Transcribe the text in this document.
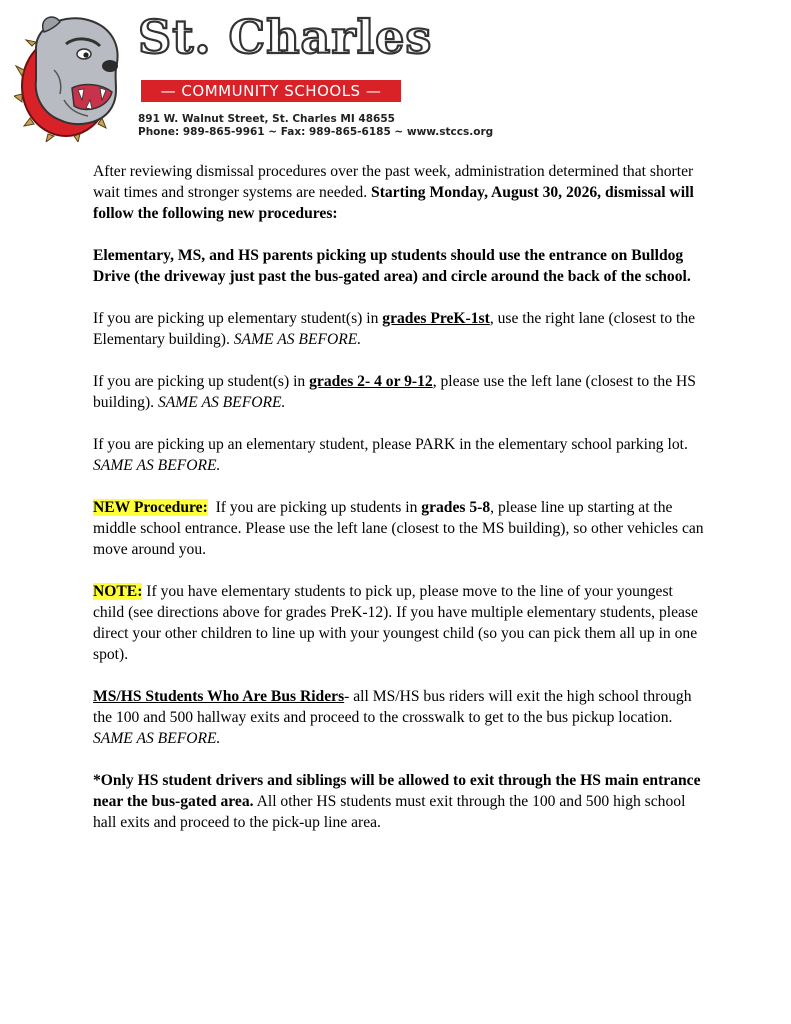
St. Charles
— COMMUNITY SCHOOLS —
891 W. Walnut Street, St. Charles MI 48655
Phone: 989-865-9961 ~ Fax: 989-865-6185 ~ www.stccs.org

After reviewing dismissal procedures over the past week, administration determined that shorter wait times and stronger systems are needed. Starting Monday, August 30, 2026, dismissal will follow the following new procedures:

Elementary, MS, and HS parents picking up students should use the entrance on Bulldog Drive (the driveway just past the bus-gated area) and circle around the back of the school.

If you are picking up elementary student(s) in grades PreK-1st, use the right lane (closest to the Elementary building). SAME AS BEFORE.

If you are picking up student(s) in grades 2- 4 or 9-12, please use the left lane (closest to the HS building). SAME AS BEFORE.

If you are picking up an elementary student, please PARK in the elementary school parking lot. SAME AS BEFORE.

NEW Procedure:  If you are picking up students in grades 5-8, please line up starting at the middle school entrance. Please use the left lane (closest to the MS building), so other vehicles can move around you.

NOTE: If you have elementary students to pick up, please move to the line of your youngest child (see directions above for grades PreK-12). If you have multiple elementary students, please direct your other children to line up with your youngest child (so you can pick them all up in one spot).

MS/HS Students Who Are Bus Riders- all MS/HS bus riders will exit the high school through the 100 and 500 hallway exits and proceed to the crosswalk to get to the bus pickup location. SAME AS BEFORE.

*Only HS student drivers and siblings will be allowed to exit through the HS main entrance near the bus-gated area. All other HS students must exit through the 100 and 500 high school hall exits and proceed to the pick-up line area.
